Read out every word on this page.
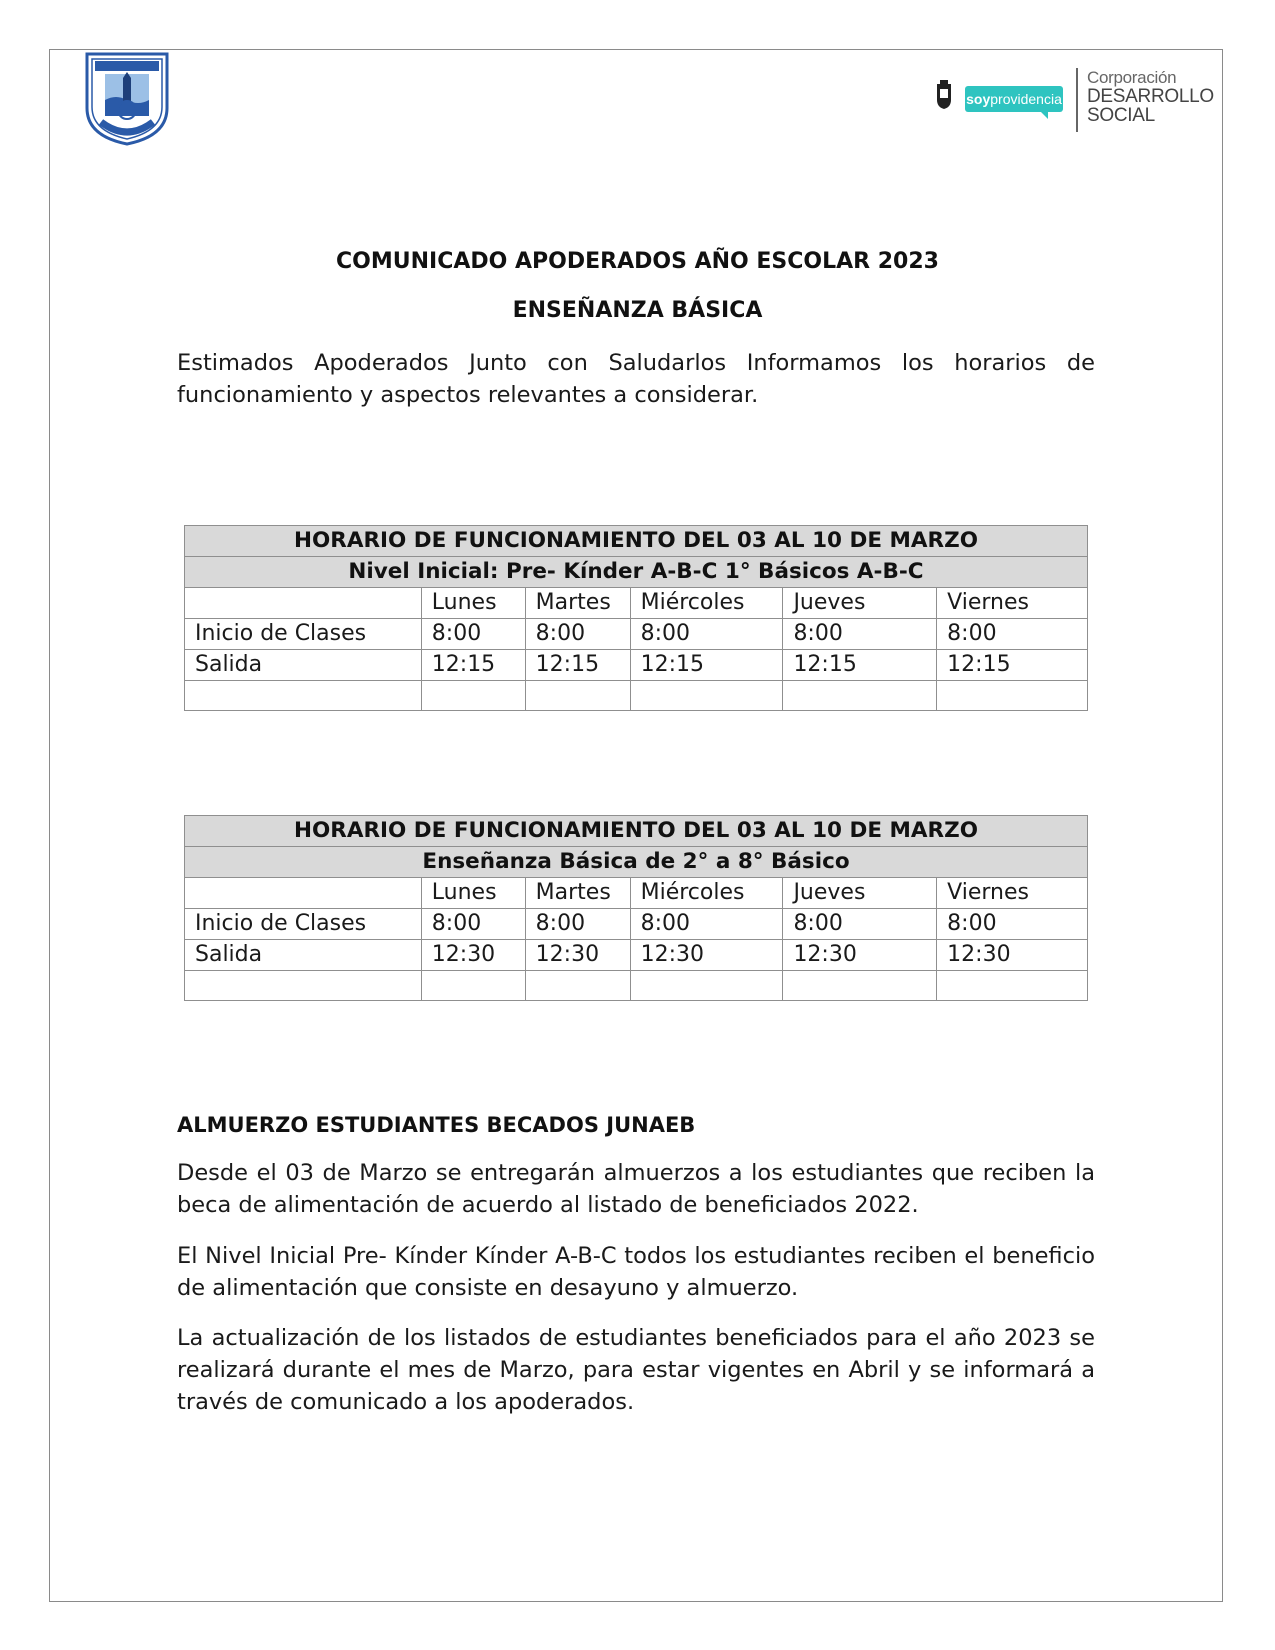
soyprovidencia
Corporación
DESARROLLO
SOCIAL
COMUNICADO APODERADOS AÑO ESCOLAR 2023
ENSEÑANZA BÁSICA
Estimados Apoderados Junto con Saludarlos Informamos los horarios de funcionamiento y aspectos relevantes a considerar.
HORARIO DE FUNCIONAMIENTO DEL 03 AL 10 DE MARZO					
Nivel Inicial: Pre- Kínder A-B-C 1° Básicos A-B-C					
	Lunes	Martes	Miércoles	Jueves	Viernes
Inicio de Clases	8:00	8:00	8:00	8:00	8:00
Salida	12:15	12:15	12:15	12:15	12:15

HORARIO DE FUNCIONAMIENTO DEL 03 AL 10 DE MARZO					
Enseñanza Básica de 2° a 8° Básico					
	Lunes	Martes	Miércoles	Jueves	Viernes
Inicio de Clases	8:00	8:00	8:00	8:00	8:00
Salida	12:30	12:30	12:30	12:30	12:30

ALMUERZO ESTUDIANTES BECADOS JUNAEB
Desde el 03 de Marzo se entregarán almuerzos a los estudiantes que reciben la beca de alimentación de acuerdo al listado de beneficiados 2022.
El Nivel Inicial Pre- Kínder Kínder A-B-C todos los estudiantes reciben el beneficio de alimentación que consiste en desayuno y almuerzo.
La actualización de los listados de estudiantes beneficiados para el año 2023 se realizará durante el mes de Marzo, para estar vigentes en Abril y se informará a través de comunicado a los apoderados.
